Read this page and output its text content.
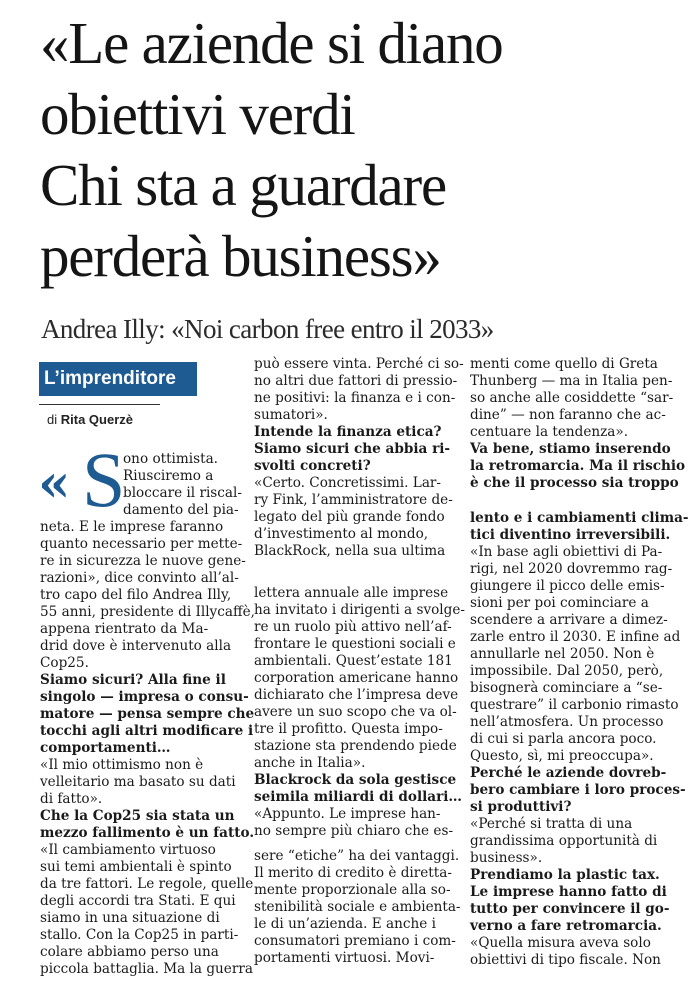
«Le aziende si diano
obiettivi verdi
Chi sta a guardare
perderà business»
Andrea Illy: «Noi carbon free entro il 2033»
L’imprenditore
di Rita Querzè
« S

ono ottimista.

Riusciremo a

bloccare il riscal-

damento del pia-

neta. E le imprese faranno

quanto necessario per mette-

re in sicurezza le nuove gene-

razioni», dice convinto all’al-

tro capo del filo Andrea Illy,

55 anni, presidente di Illycaffè,

appena rientrato da Ma-

drid dove è intervenuto alla

Cop25.

Siamo sicuri? Alla fine il

singolo — impresa o consu-

matore — pensa sempre che

tocchi agli altri modificare i

comportamenti…

«Il mio ottimismo non è

velleitario ma basato su dati

di fatto».

Che la Cop25 sia stata un

mezzo fallimento è un fatto.

«Il cambiamento virtuoso

sui temi ambientali è spinto

da tre fattori. Le regole, quelle

degli accordi tra Stati. E qui

siamo in una situazione di

stallo. Con la Cop25 in parti-

colare abbiamo perso una

piccola battaglia. Ma la guerra

può essere vinta. Perché ci so-

no altri due fattori di pressio-

ne positivi: la finanza e i con-

sumatori».

Intende la finanza etica?

Siamo sicuri che abbia ri-

svolti concreti?

«Certo. Concretissimi. Lar-

ry Fink, l’amministratore de-

legato del più grande fondo

d’investimento al mondo,

BlackRock, nella sua ultima

lettera annuale alle imprese

ha invitato i dirigenti a svolge-

re un ruolo più attivo nell’af-

frontare le questioni sociali e

ambientali. Quest’estate 181

corporation americane hanno

dichiarato che l’impresa deve

avere un suo scopo che va ol-

tre il profitto. Questa impo-

stazione sta prendendo piede

anche in Italia».

Blackrock da sola gestisce

seimila miliardi di dollari…

«Appunto. Le imprese han-

no sempre più chiaro che es-

sere “etiche” ha dei vantaggi.

Il merito di credito è diretta-

mente proporzionale alla so-

stenibilità sociale e ambienta-

le di un’azienda. E anche i

consumatori premiano i com-

portamenti virtuosi. Movi-

menti come quello di Greta

Thunberg — ma in Italia pen-

so anche alle cosiddette “sar-

dine” — non faranno che ac-

centuare la tendenza».

Va bene, stiamo inserendo

la retromarcia. Ma il rischio

è che il processo sia troppo

lento e i cambiamenti clima-

tici diventino irreversibili.

«In base agli obiettivi di Pa-

rigi, nel 2020 dovremmo rag-

giungere il picco delle emis-

sioni per poi cominciare a

scendere a arrivare a dimez-

zarle entro il 2030. E infine ad

annullarle nel 2050. Non è

impossibile. Dal 2050, però,

bisognerà cominciare a “se-

questrare” il carbonio rimasto

nell’atmosfera. Un processo

di cui si parla ancora poco.

Questo, sì, mi preoccupa».

Perché le aziende dovreb-

bero cambiare i loro proces-

si produttivi?

«Perché si tratta di una

grandissima opportunità di

business».

Prendiamo la plastic tax.

Le imprese hanno fatto di

tutto per convincere il go-

verno a fare retromarcia.

«Quella misura aveva solo

obiettivi di tipo fiscale. Non
